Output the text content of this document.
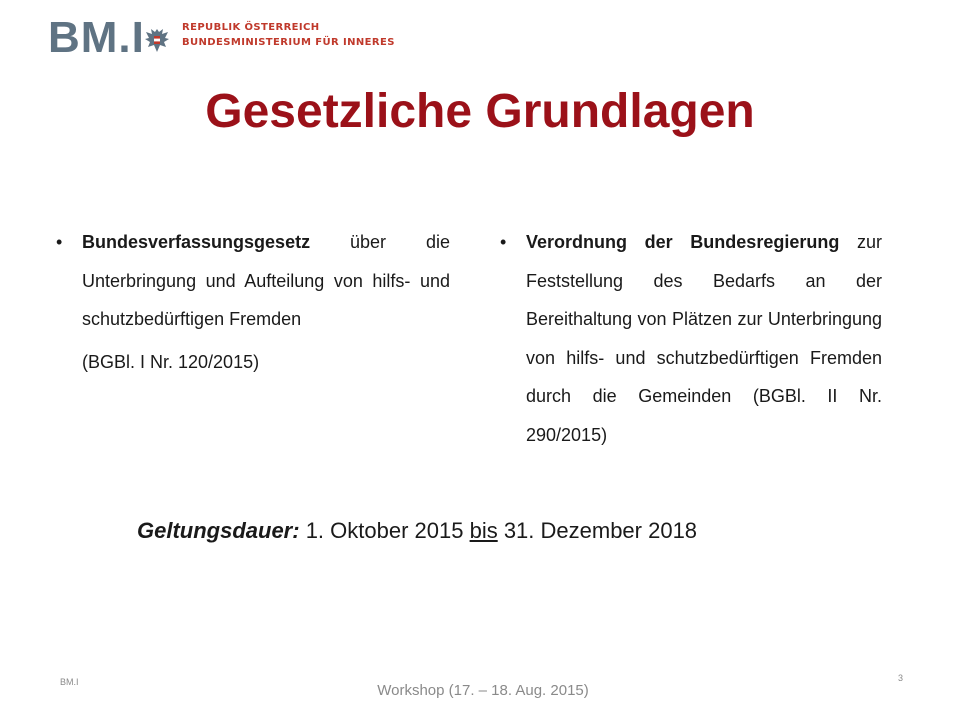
BM.I	REPUBLIK ÖSTERREICH
BUNDESMINISTERIUM FÜR INNERES
Gesetzliche Grundlagen
• Bundesverfassungsgesetz über die Unterbringung und Aufteilung von hilfs- und schutzbedürftigen Fremden
(BGBl. I Nr. 120/2015)
• Verordnung der Bundesregierung zur Feststellung des Bedarfs an der Bereithaltung von Plätzen zur Unterbringung von hilfs- und schutzbedürftigen Fremden durch die Gemeinden (BGBl. II Nr. 290/2015)
Geltungsdauer: 1. Oktober 2015 bis 31. Dezember 2018
BM.I	3
Workshop (17. – 18. Aug. 2015)
